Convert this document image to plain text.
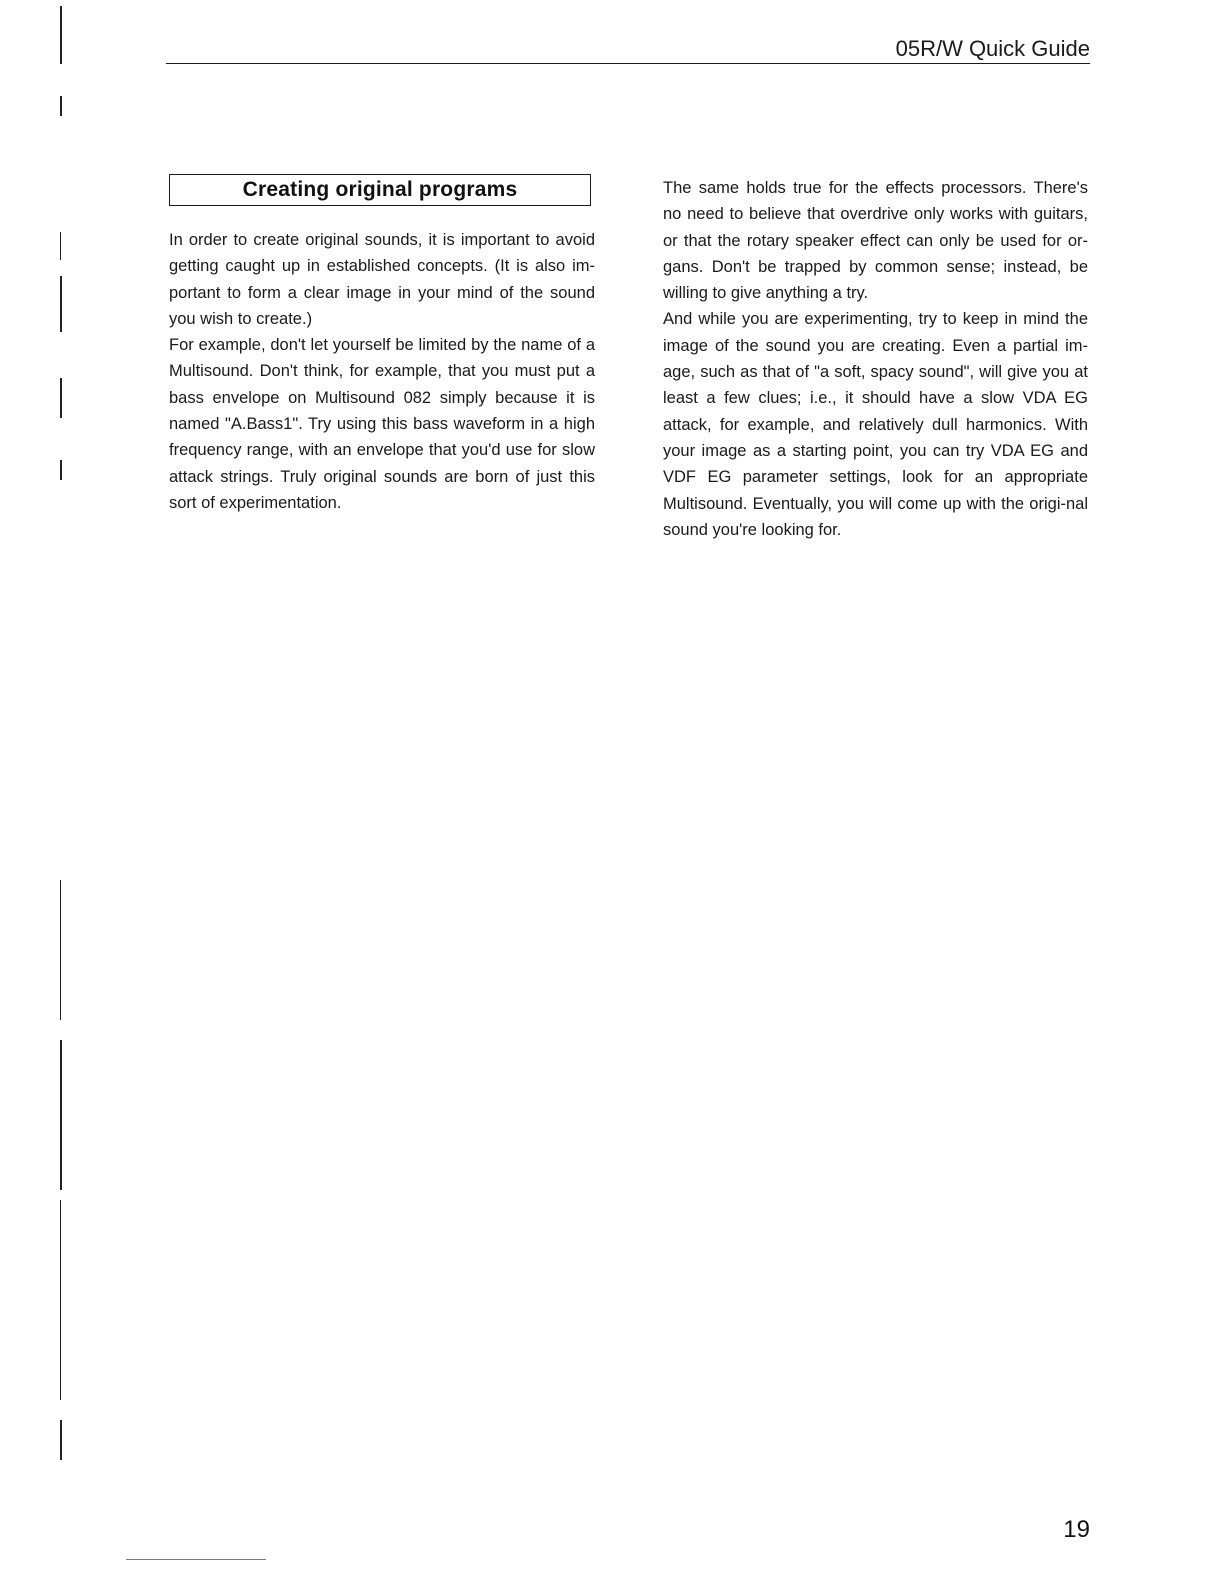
05R/W Quick Guide
Creating original programs

In order to create original sounds, it is important to avoid getting caught up in established concepts. (It is also im-portant to form a clear image in your mind of the sound you wish to create.)

For example, don't let yourself be limited by the name of a Multisound. Don't think, for example, that you must put a bass envelope on Multisound 082 simply because it is named "A.Bass1". Try using this bass waveform in a high frequency range, with an envelope that you'd use for slow attack strings. Truly original sounds are born of just this sort of experimentation.

The same holds true for the effects processors. There's no need to believe that overdrive only works with guitars, or that the rotary speaker effect can only be used for or-gans. Don't be trapped by common sense; instead, be willing to give anything a try.

And while you are experimenting, try to keep in mind the image of the sound you are creating. Even a partial im-age, such as that of "a soft, spacy sound", will give you at least a few clues; i.e., it should have a slow VDA EG attack, for example, and relatively dull harmonics. With your image as a starting point, you can try VDA EG and VDF EG parameter settings, look for an appropriate Multisound. Eventually, you will come up with the origi-nal sound you're looking for.

19
